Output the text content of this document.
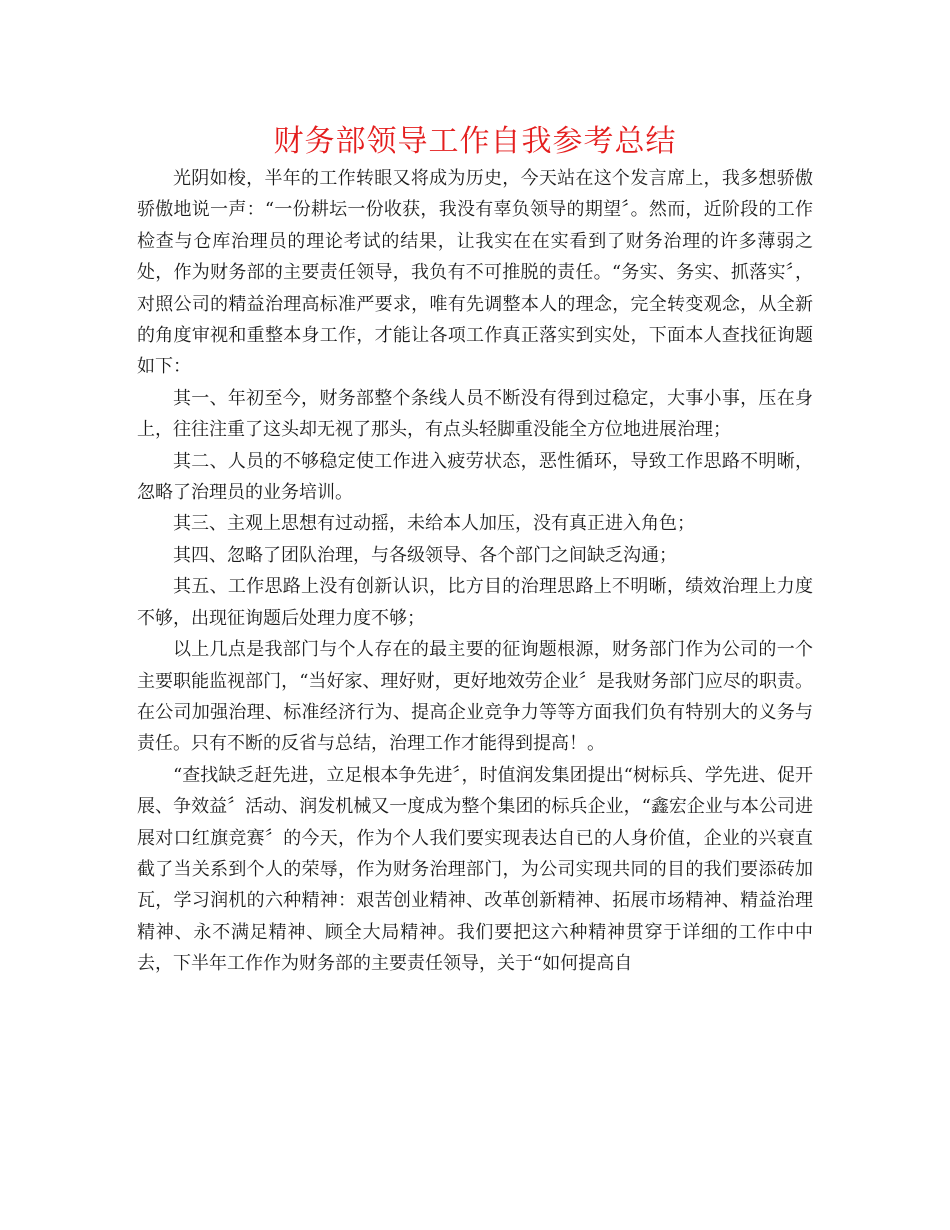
财务部领导工作自我参考总结

光阴如梭，半年的工作转眼又将成为历史，今天站在这个发言席上，我多想骄傲骄傲地说一声：“一份耕坛一份收获，我没有辜负领导的期望〞。然而，近阶段的工作检查与仓库治理员的理论考试的结果，让我实在在实看到了财务治理的许多薄弱之处，作为财务部的主要责任领导，我负有不可推脱的责任。“务实、务实、抓落实〞，对照公司的精益治理高标准严要求，唯有先调整本人的理念，完全转变观念，从全新的角度审视和重整本身工作，才能让各项工作真正落实到实处，下面本人查找征询题如下：

其一、年初至今，财务部整个条线人员不断没有得到过稳定，大事小事，压在身上，往往注重了这头却无视了那头，有点头轻脚重没能全方位地进展治理；

其二、人员的不够稳定使工作进入疲劳状态，恶性循环，导致工作思路不明晰，忽略了治理员的业务培训。

其三、主观上思想有过动摇，未给本人加压，没有真正进入角色；

其四、忽略了团队治理，与各级领导、各个部门之间缺乏沟通；

其五、工作思路上没有创新认识，比方目的治理思路上不明晰，绩效治理上力度不够，出现征询题后处理力度不够；

以上几点是我部门与个人存在的最主要的征询题根源，财务部门作为公司的一个主要职能监视部门，“当好家、理好财，更好地效劳企业〞是我财务部门应尽的职责。在公司加强治理、标准经济行为、提高企业竞争力等等方面我们负有特别大的义务与责任。只有不断的反省与总结，治理工作才能得到提高！。

“查找缺乏赶先进，立足根本争先进〞，时值润发集团提出“树标兵、学先进、促开展、争效益〞活动、润发机械又一度成为整个集团的标兵企业，“鑫宏企业与本公司进展对口红旗竞赛〞的今天，作为个人我们要实现表达自已的人身价值，企业的兴衰直截了当关系到个人的荣辱，作为财务治理部门，为公司实现共同的目的我们要添砖加瓦，学习润机的六种精神：艰苦创业精神、改革创新精神、拓展市场精神、精益治理精神、永不满足精神、顾全大局精神。我们要把这六种精神贯穿于详细的工作中中去，下半年工作作为财务部的主要责任领导，关于“如何提高自
